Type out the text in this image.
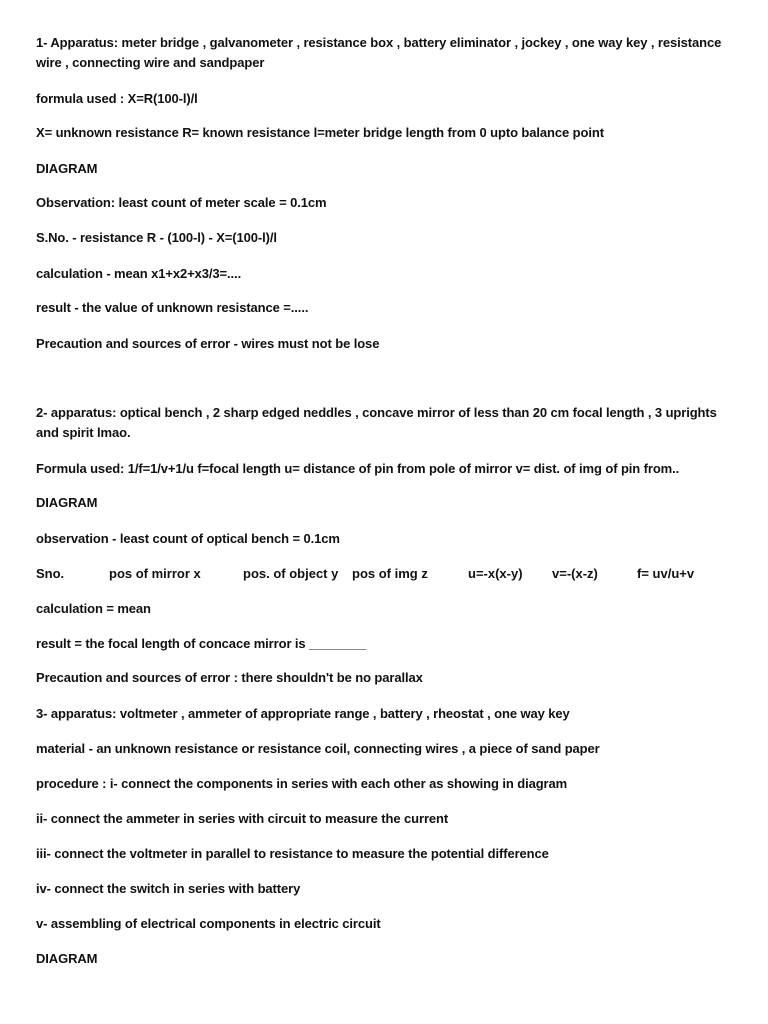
1- Apparatus: meter bridge , galvanometer , resistance box , battery eliminator , jockey , one way key , resistance wire , connecting wire and sandpaper
formula used : X=R(100-l)/l
X= unknown resistance R= known resistance l=meter bridge length from 0 upto balance point
DIAGRAM
Observation: least count of meter scale = 0.1cm
S.No. - resistance R - (100-l) - X=(100-l)/l
calculation - mean x1+x2+x3/3=....
result - the value of unknown resistance =.....
Precaution and sources of error - wires must not be lose
2- apparatus: optical bench , 2 sharp edged neddles , concave mirror of less than 20 cm focal length , 3 uprights and spirit lmao.
Formula used: 1/f=1/v+1/u f=focal length u= distance of pin from pole of mirror v= dist. of img of pin from..
DIAGRAM
observation - least count of optical bench = 0.1cm
Sno.	pos of mirror x	pos. of object y pos of img z	u=-x(x-y) v=-(x-z)	f= uv/u+v
calculation = mean
result = the focal length of concace mirror is ________
Precaution and sources of error : there shouldn't be no parallax
3- apparatus: voltmeter , ammeter of appropriate range , battery , rheostat , one way key
material - an unknown resistance or resistance coil, connecting wires , a piece of sand paper
procedure : i- connect the components in series with each other as showing in diagram
ii- connect the ammeter in series with circuit to measure the current
iii- connect the voltmeter in parallel to resistance to measure the potential difference
iv- connect the switch in series with battery
v- assembling of electrical components in electric circuit
DIAGRAM
